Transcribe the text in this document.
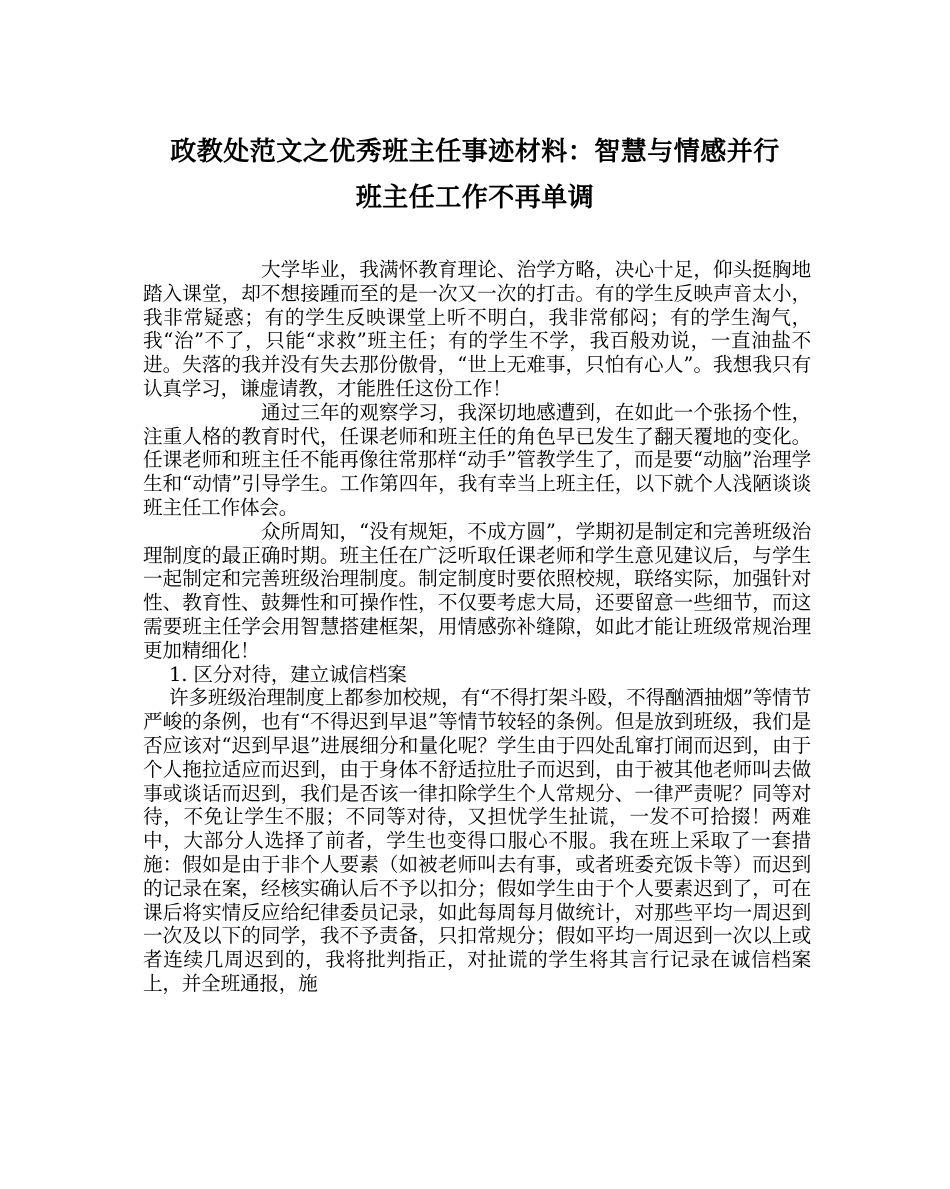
政教处范文之优秀班主任事迹材料：智慧与情感并行
班主任工作不再单调

大学毕业，我满怀教育理论、治学方略，决心十足，仰头挺胸地踏入课堂，却不想接踵而至的是一次又一次的打击。有的学生反映声音太小，我非常疑惑；有的学生反映课堂上听不明白，我非常郁闷；有的学生淘气，我“治”不了，只能“求救”班主任；有的学生不学，我百般劝说，一直油盐不进。失落的我并没有失去那份傲骨，“世上无难事，只怕有心人”。我想我只有认真学习，谦虚请教，才能胜任这份工作！

通过三年的观察学习，我深切地感遭到，在如此一个张扬个性，注重人格的教育时代，任课老师和班主任的角色早已发生了翻天覆地的变化。任课老师和班主任不能再像往常那样“动手”管教学生了，而是要“动脑”治理学生和“动情”引导学生。工作第四年，我有幸当上班主任，以下就个人浅陋谈谈班主任工作体会。

众所周知，“没有规矩，不成方圆”，学期初是制定和完善班级治理制度的最正确时期。班主任在广泛听取任课老师和学生意见建议后，与学生一起制定和完善班级治理制度。制定制度时要依照校规，联络实际，加强针对性、教育性、鼓舞性和可操作性，不仅要考虑大局，还要留意一些细节，而这需要班主任学会用智慧搭建框架，用情感弥补缝隙，如此才能让班级常规治理更加精细化！

1. 区分对待，建立诚信档案

许多班级治理制度上都参加校规，有“不得打架斗殴，不得酗酒抽烟”等情节严峻的条例，也有“不得迟到早退”等情节较轻的条例。但是放到班级，我们是否应该对“迟到早退”进展细分和量化呢？学生由于四处乱窜打闹而迟到，由于个人拖拉适应而迟到，由于身体不舒适拉肚子而迟到，由于被其他老师叫去做事或谈话而迟到，我们是否该一律扣除学生个人常规分、一律严责呢？同等对待，不免让学生不服；不同等对待，又担忧学生扯谎，一发不可拾掇！两难中，大部分人选择了前者，学生也变得口服心不服。我在班上采取了一套措施：假如是由于非个人要素（如被老师叫去有事，或者班委充饭卡等）而迟到的记录在案，经核实确认后不予以扣分；假如学生由于个人要素迟到了，可在课后将实情反应给纪律委员记录，如此每周每月做统计，对那些平均一周迟到一次及以下的同学，我不予责备，只扣常规分；假如平均一周迟到一次以上或者连续几周迟到的，我将批判指正，对扯谎的学生将其言行记录在诚信档案上，并全班通报，施
